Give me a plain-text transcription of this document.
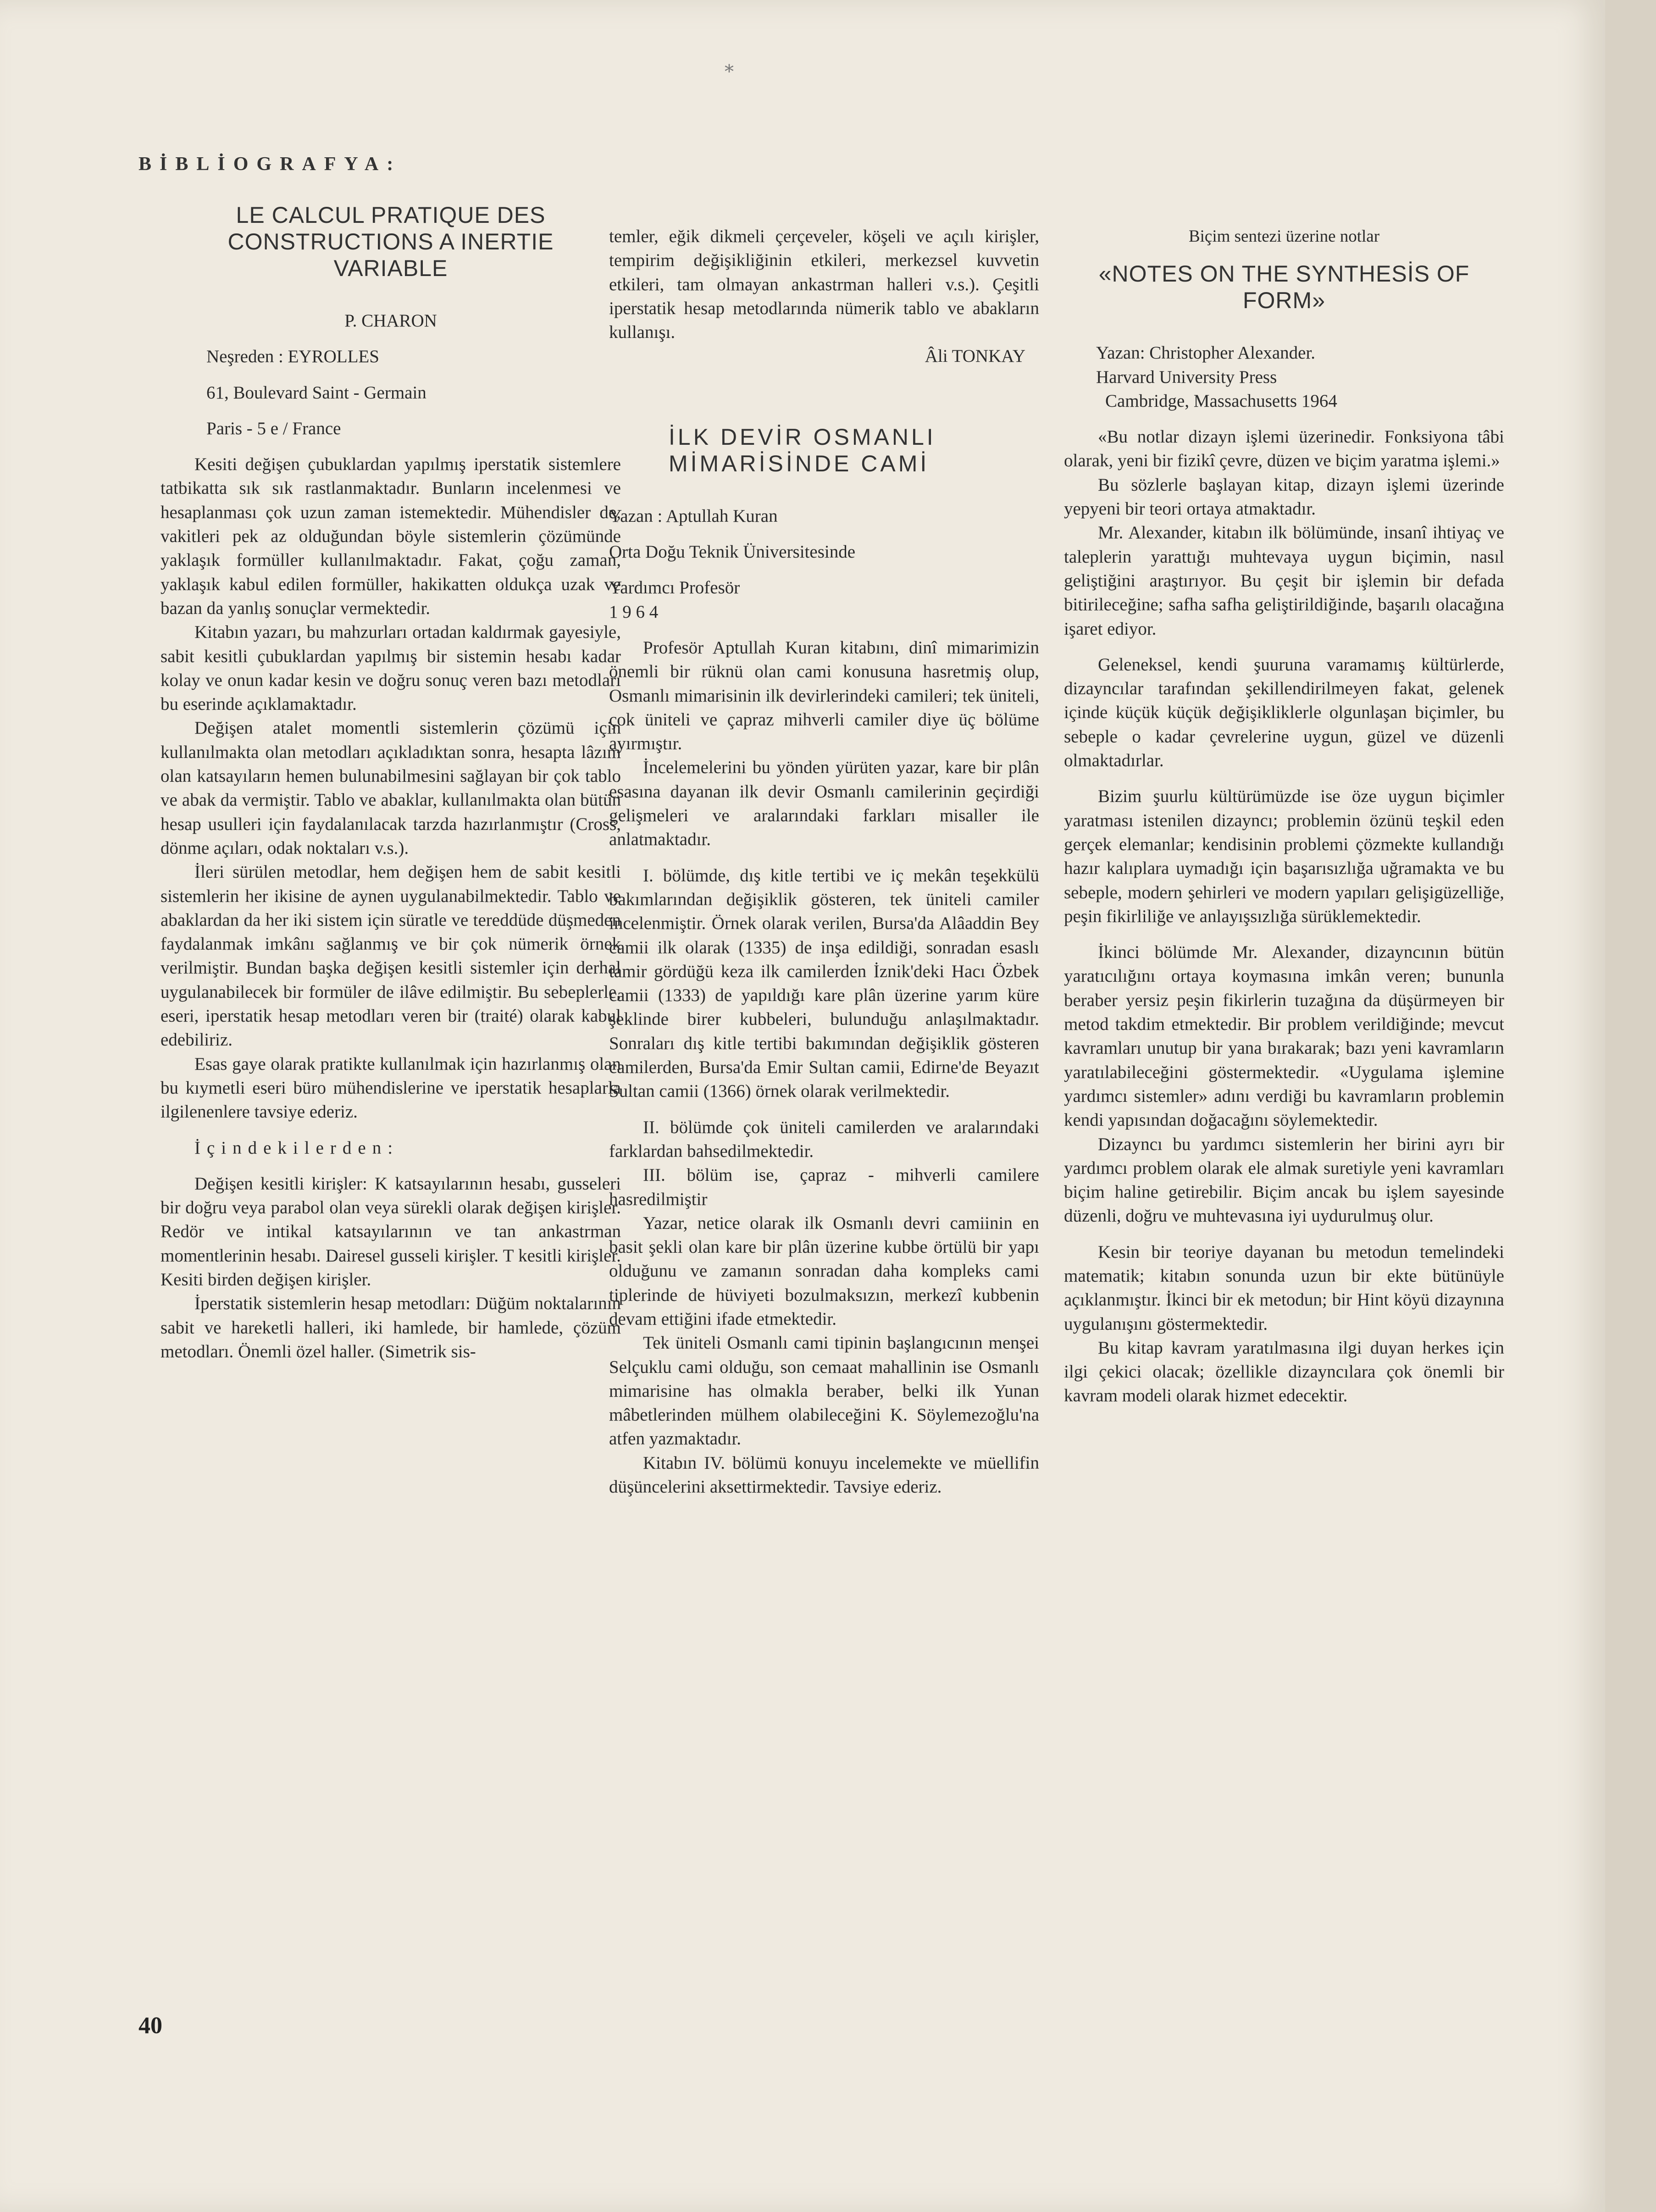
⁎
BİBLİOGRAFYA:
LE CALCUL PRATIQUE DES CONSTRUCTIONS A INERTIE VARIABLE

P. CHARON

Neşreden : EYROLLES

61, Boulevard Saint - Germain

Paris - 5 e / France

Kesiti değişen çubuklardan yapılmış iperstatik sistemlere tatbikatta sık sık rastlanmaktadır. Bunların incelenmesi ve hesaplanması çok uzun zaman istemektedir. Mühendisler de, vakitleri pek az olduğundan böyle sistemlerin çözümünde yaklaşık formüller kullanılmaktadır. Fakat, çoğu zaman, yaklaşık kabul edilen formüller, hakikatten oldukça uzak ve bazan da yanlış sonuçlar vermektedir.

Kitabın yazarı, bu mahzurları ortadan kaldırmak gayesiyle, sabit kesitli çubuklardan yapılmış bir sistemin hesabı kadar kolay ve onun kadar kesin ve doğru sonuç veren bazı metodları bu eserinde açıklamaktadır.

Değişen atalet momentli sistemlerin çözümü için kullanılmakta olan metodları açıkladıktan sonra, hesapta lâzım olan katsayıların hemen bulunabilmesini sağlayan bir çok tablo ve abak da vermiştir. Tablo ve abaklar, kullanılmakta olan bütün hesap usulleri için faydalanılacak tarzda hazırlanmıştır (Cross, dönme açıları, odak noktaları v.s.).

İleri sürülen metodlar, hem değişen hem de sabit kesitli sistemlerin her ikisine de aynen uygulanabilmektedir. Tablo ve abaklardan da her iki sistem için süratle ve tereddüde düşmeden faydalanmak imkânı sağlanmış ve bir çok nümerik örnek verilmiştir. Bundan başka değişen kesitli sistemler için derhal uygulanabilecek bir formüler de ilâve edilmiştir. Bu sebeplerle, eseri, iperstatik hesap metodları veren bir (traité) olarak kabul edebiliriz.

Esas gaye olarak pratikte kullanılmak için hazırlanmış olan bu kıymetli eseri büro mühendislerine ve iperstatik hesaplarla ilgilenenlere tavsiye ederiz.

İçindekilerden:

Değişen kesitli kirişler: K katsayılarının hesabı, gusseleri bir doğru veya parabol olan veya sürekli olarak değişen kirişler. Redör ve intikal katsayılarının ve tan ankastrman momentlerinin hesabı. Dairesel gusseli kirişler. T kesitli kirişler. Kesiti birden değişen kirişler.

İperstatik sistemlerin hesap metodları: Düğüm noktalarının sabit ve hareketli halleri, iki hamlede, bir hamlede, çözüm metodları. Önemli özel haller. (Simetrik sis-

temler, eğik dikmeli çerçeveler, köşeli ve açılı kirişler, tempirim değişikliğinin etkileri, merkezsel kuvvetin etkileri, tam olmayan ankastrman halleri v.s.). Çeşitli iperstatik hesap metodlarında nümerik tablo ve abakların kullanışı.

Âli TONKAY

İLK DEVİR OSMANLI MİMARİSİNDE CAMİ

Yazan : Aptullah Kuran

Orta Doğu Teknik Üniversitesinde

Yardımcı Profesör

1 9 6 4

Profesör Aptullah Kuran kitabını, dinî mimarimizin önemli bir rüknü olan cami konusuna hasretmiş olup, Osmanlı mimarisinin ilk devirlerindeki camileri; tek üniteli, çok üniteli ve çapraz mihverli camiler diye üç bölüme ayırmıştır.

İncelemelerini bu yönden yürüten yazar, kare bir plân esasına dayanan ilk devir Osmanlı camilerinin geçirdiği gelişmeleri ve aralarındaki farkları misaller ile anlatmaktadır.

I. bölümde, dış kitle tertibi ve iç mekân teşekkülü bakımlarından değişiklik gösteren, tek üniteli camiler incelenmiştir. Örnek olarak verilen, Bursa'da Alâaddin Bey camii ilk olarak (1335) de inşa edildiği, sonradan esaslı tamir gördüğü keza ilk camilerden İznik'deki Hacı Özbek camii (1333) de yapıldığı kare plân üzerine yarım küre şeklinde birer kubbeleri, bulunduğu anlaşılmaktadır. Sonraları dış kitle tertibi bakımından değişiklik gösteren camilerden, Bursa'da Emir Sultan camii, Edirne'de Beyazıt Sultan camii (1366) örnek olarak verilmektedir.

II. bölümde çok üniteli camilerden ve aralarındaki farklardan bahsedilmektedir.

III. bölüm ise, çapraz - mihverli camilere hasredilmiştir

Yazar, netice olarak ilk Osmanlı devri camiinin en basit şekli olan kare bir plân üzerine kubbe örtülü bir yapı olduğunu ve zamanın sonradan daha kompleks cami tiplerinde de hüviyeti bozulmaksızın, merkezî kubbenin devam ettiğini ifade etmektedir.

Tek üniteli Osmanlı cami tipinin başlangıcının menşei Selçuklu cami olduğu, son cemaat mahallinin ise Osmanlı mimarisine has olmakla beraber, belki ilk Yunan mâbetlerinden mülhem olabileceğini K. Söylemezoğlu'na atfen yazmaktadır.

Kitabın IV. bölümü konuyu incelemekte ve müellifin düşüncelerini aksettirmektedir. Tavsiye ederiz.

Biçim sentezi üzerine notlar

«NOTES ON THE SYNTHESİS OF FORM»

Yazan: Christopher Alexander.

Harvard University Press

Cambridge, Massachusetts 1964

«Bu notlar dizayn işlemi üzerinedir. Fonksiyona tâbi olarak, yeni bir fizikî çevre, düzen ve biçim yaratma işlemi.»

Bu sözlerle başlayan kitap, dizayn işlemi üzerinde yepyeni bir teori ortaya atmaktadır.

Mr. Alexander, kitabın ilk bölümünde, insanî ihtiyaç ve taleplerin yarattığı muhtevaya uygun biçimin, nasıl geliştiğini araştırıyor. Bu çeşit bir işlemin bir defada bitirileceğine; safha safha geliştirildiğinde, başarılı olacağına işaret ediyor.

Geleneksel, kendi şuuruna varamamış kültürlerde, dizayncılar tarafından şekillendirilmeyen fakat, gelenek içinde küçük küçük değişikliklerle olgunlaşan biçimler, bu sebeple o kadar çevrelerine uygun, güzel ve düzenli olmaktadırlar.

Bizim şuurlu kültürümüzde ise öze uygun biçimler yaratması istenilen dizayncı; problemin özünü teşkil eden gerçek elemanlar; kendisinin problemi çözmekte kullandığı hazır kalıplara uymadığı için başarısızlığa uğramakta ve bu sebeple, modern şehirleri ve modern yapıları gelişigüzelliğe, peşin fikirliliğe ve anlayışsızlığa sürüklemektedir.

İkinci bölümde Mr. Alexander, dizayncının bütün yaratıcılığını ortaya koymasına imkân veren; bununla beraber yersiz peşin fikirlerin tuzağına da düşürmeyen bir metod takdim etmektedir. Bir problem verildiğinde; mevcut kavramları unutup bir yana bırakarak; bazı yeni kavramların yaratılabileceğini göstermektedir. «Uygulama işlemine yardımcı sistemler» adını verdiği bu kavramların problemin kendi yapısından doğacağını söylemektedir.

Dizayncı bu yardımcı sistemlerin her birini ayrı bir yardımcı problem olarak ele almak suretiyle yeni kavramları biçim haline getirebilir. Biçim ancak bu işlem sayesinde düzenli, doğru ve muhtevasına iyi uydurulmuş olur.

Kesin bir teoriye dayanan bu metodun temelindeki matematik; kitabın sonunda uzun bir ekte bütünüyle açıklanmıştır. İkinci bir ek metodun; bir Hint köyü dizaynına uygulanışını göstermektedir.

Bu kitap kavram yaratılmasına ilgi duyan herkes için ilgi çekici olacak; özellikle dizayncılara çok önemli bir kavram modeli olarak hizmet edecektir.

40
